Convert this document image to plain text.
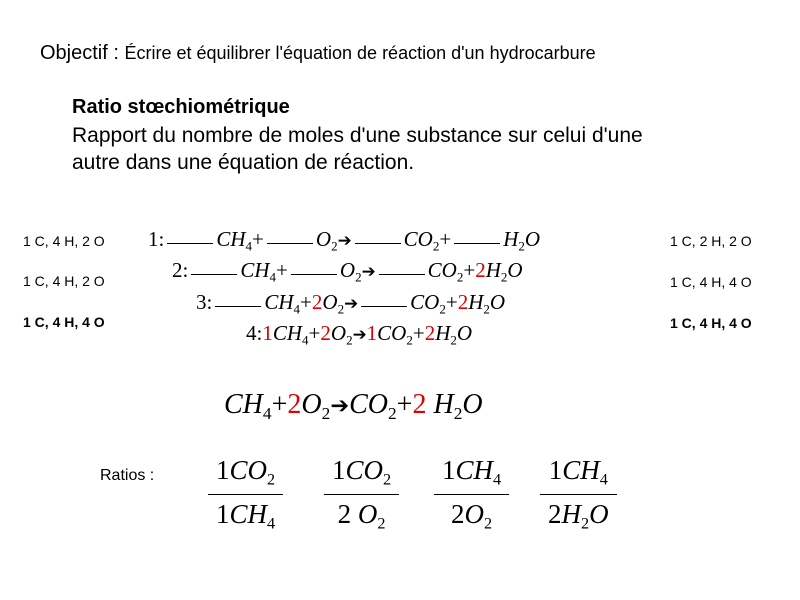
Objectif : Écrire et équilibrer l'équation de réaction d'un hydrocarbure
Ratio stœchiométrique
Rapport du nombre de moles d'une substance sur celui d'une
autre dans une équation de réaction.
1 C, 4 H, 2 O
1 C, 4 H, 2 O
1 C, 4 H, 4 O
1 C, 2 H, 2 O
1 C, 4 H, 4 O
1 C, 4 H, 4 O
1: $CH_4+$ $O_2➔$ $CO_2+ H_2O$
2: $CH_4+$ $O_2➔$ $CO_2+2H_2O$
3: $CH_4+2O_2➔$ $CO_2+2H_2O$
$4:1CH_4+2O_2➔1CO_2+2H_2O$
$CH_4+2O_2➔CO_2+2$ $H_2O$
Ratios : $\frac{1CO_2}{1CH_4} \frac{1CO_2}{2 O_2} \frac{1CH_4}{2O_2} \frac{1CH_4}{2H_2O}$
